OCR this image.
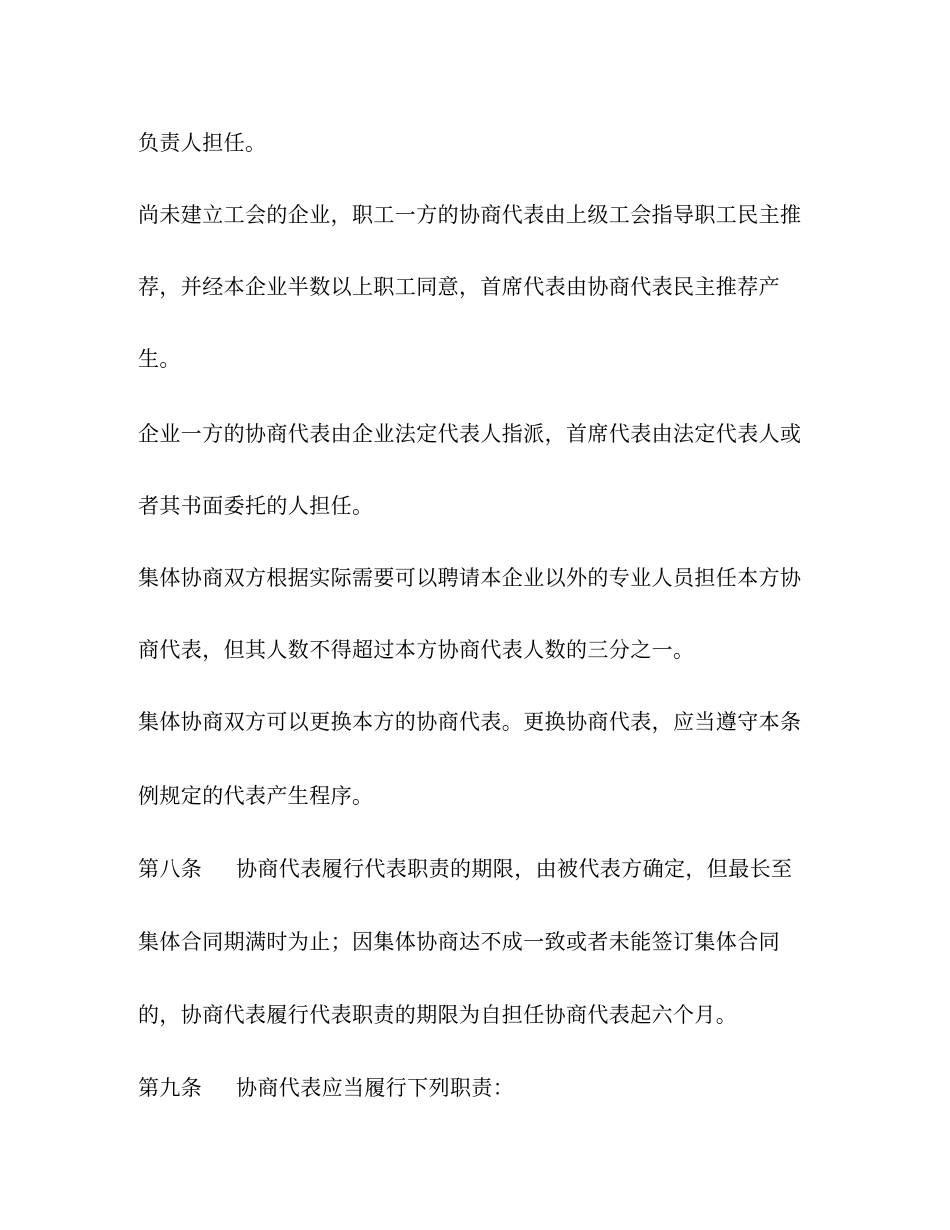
负责人担任。
尚未建立工会的企业，职工一方的协商代表由上级工会指导职工民主推
荐，并经本企业半数以上职工同意，首席代表由协商代表民主推荐产
生。
企业一方的协商代表由企业法定代表人指派，首席代表由法定代表人或
者其书面委托的人担任。
集体协商双方根据实际需要可以聘请本企业以外的专业人员担任本方协
商代表，但其人数不得超过本方协商代表人数的三分之一。
集体协商双方可以更换本方的协商代表。更换协商代表，应当遵守本条
例规定的代表产生程序。
第八条 协商代表履行代表职责的期限，由被代表方确定，但最长至
集体合同期满时为止；因集体协商达不成一致或者未能签订集体合同
的，协商代表履行代表职责的期限为自担任协商代表起六个月。
第九条 协商代表应当履行下列职责：
